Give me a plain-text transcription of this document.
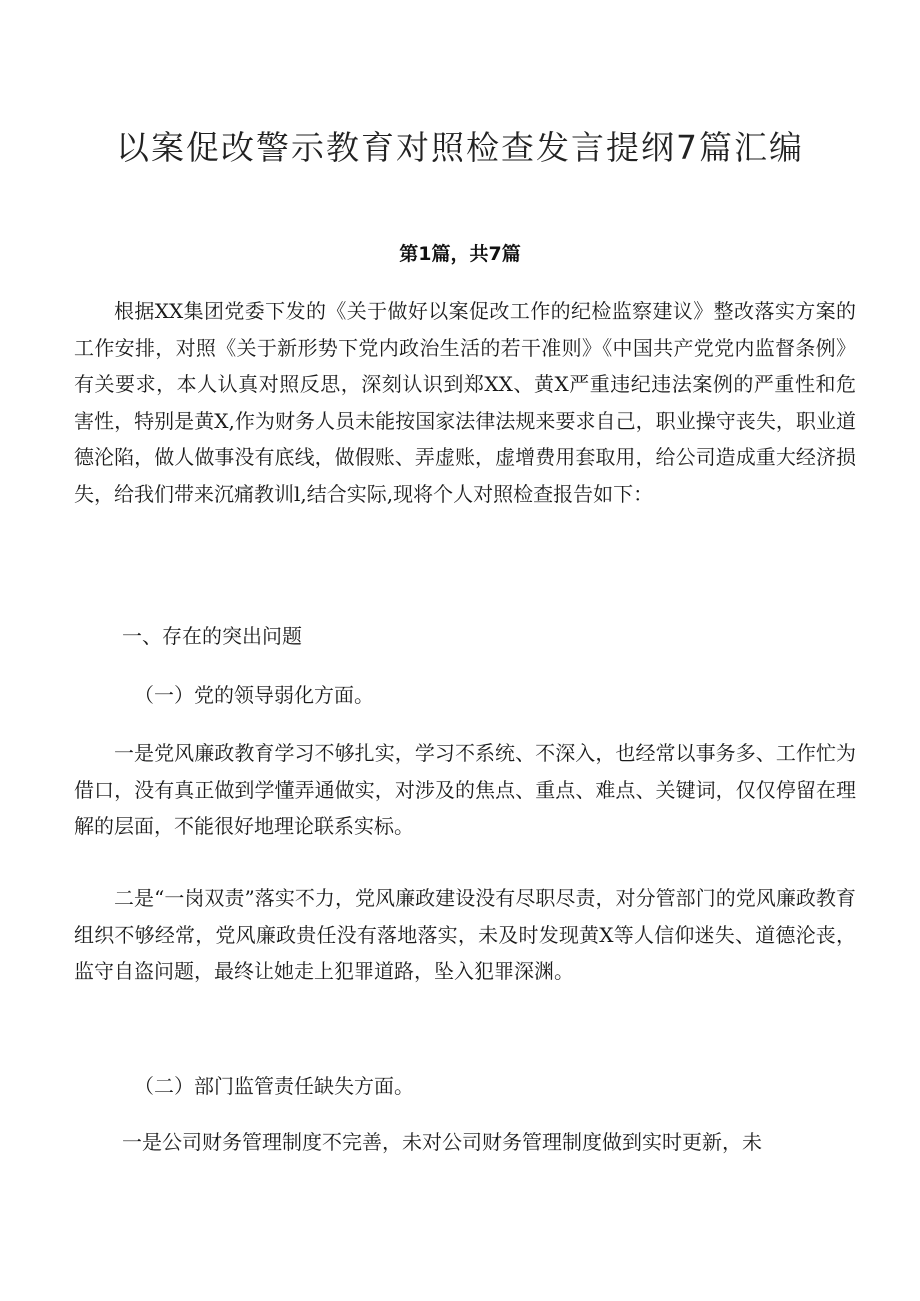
以案促改警示教育对照检查发言提纲7篇汇编
第1篇，共7篇
根据XX集团党委下发的《关于做好以案促改工作的纪检监察建议》整改落实方案的工作安排，对照《关于新形势下党内政治生活的若干准则》《中国共产党党内监督条例》有关要求，本人认真对照反思，深刻认识到郑XX、黄X严重违纪违法案例的严重性和危害性，特别是黄X,作为财务人员未能按国家法律法规来要求自己，职业操守丧失，职业道德沦陷，做人做事没有底线，做假账、弄虚账，虚增费用套取用，给公司造成重大经济损失，给我们带来沉痛教训l,结合实际,现将个人对照检查报告如下：
一、存在的突出问题
（一）党的领导弱化方面。
一是党风廉政教育学习不够扎实，学习不系统、不深入，也经常以事务多、工作忙为借口，没有真正做到学懂弄通做实，对涉及的焦点、重点、难点、关键词，仅仅停留在理解的层面，不能很好地理论联系实标。
二是“一岗双责”落实不力，党风廉政建设没有尽职尽责，对分管部门的党风廉政教育组织不够经常，党风廉政贵任没有落地落实，未及时发现黄X等人信仰迷失、道德沦丧，监守自盗问题，最终让她走上犯罪道路，坠入犯罪深渊。
（二）部门监管责任缺失方面。
一是公司财务管理制度不完善，未对公司财务管理制度做到实时更新，未
